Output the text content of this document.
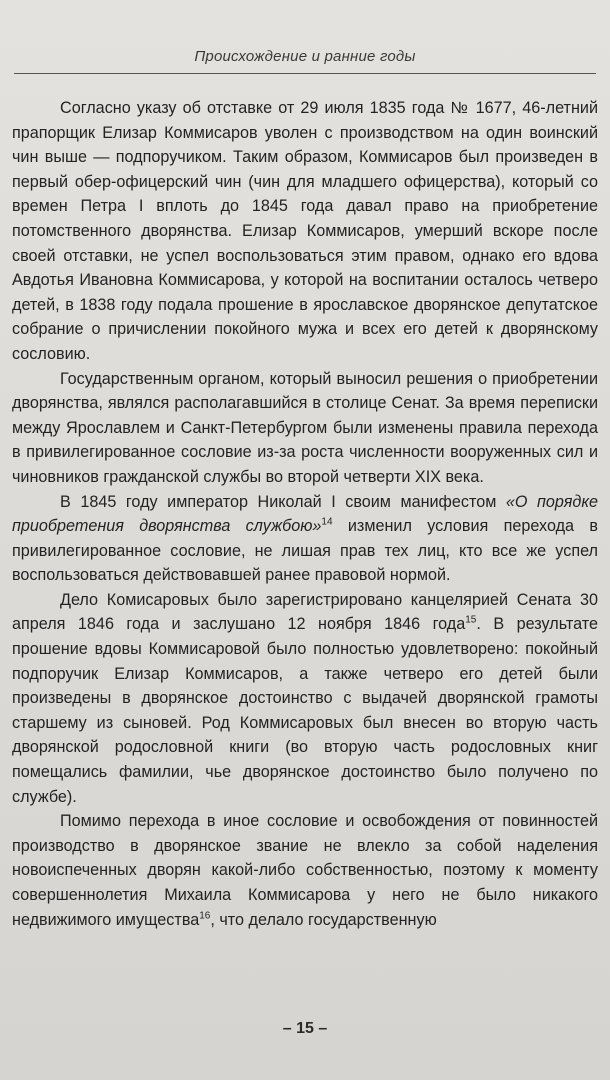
Происхождение и ранние годы

Согласно указу об отставке от 29 июля 1835 года № 1677, 46-летний прапорщик Елизар Коммисаров уволен с производством на один воинский чин выше — подпоручиком. Таким образом, Коммисаров был произведен в первый обер-офицерский чин (чин для младшего офицерства), который со времен Петра I вплоть до 1845 года давал право на приобретение потомственного дворянства. Елизар Коммисаров, умерший вскоре после своей отставки, не успел воспользоваться этим правом, однако его вдова Авдотья Ивановна Коммисарова, у которой на воспитании осталось четверо детей, в 1838 году подала прошение в ярославское дворянское депутатское собрание о причислении покойного мужа и всех его детей к дворянскому сословию.

Государственным органом, который выносил решения о приобретении дворянства, являлся располагавшийся в столице Сенат. За время переписки между Ярославлем и Санкт-Петербургом были изменены правила перехода в привилегированное сословие из-за роста численности вооруженных сил и чиновников гражданской службы во второй четверти XIX века.

В 1845 году император Николай I своим манифестом «О порядке приобретения дворянства службою»$^{14}$ изменил условия перехода в привилегированное сословие, не лишая прав тех лиц, кто все же успел воспользоваться действовавшей ранее правовой нормой.

Дело Комисаровых было зарегистрировано канцелярией Сената 30 апреля 1846 года и заслушано 12 ноября 1846 года$^{15}$. В результате прошение вдовы Коммисаровой было полностью удовлетворено: покойный подпоручик Елизар Коммисаров, а также четверо его детей были произведены в дворянское достоинство с выдачей дворянской грамоты старшему из сыновей. Род Коммисаровых был внесен во вторую часть дворянской родословной книги (во вторую часть родословных книг помещались фамилии, чье дворянское достоинство было получено по службе).

Помимо перехода в иное сословие и освобождения от повинностей производство в дворянское звание не влекло за собой наделения новоиспеченных дворян какой-либо собственностью, поэтому к моменту совершеннолетия Михаила Коммисарова у него не было никакого недвижимого имущества$^{16}$, что делало государственную

– 15 –
